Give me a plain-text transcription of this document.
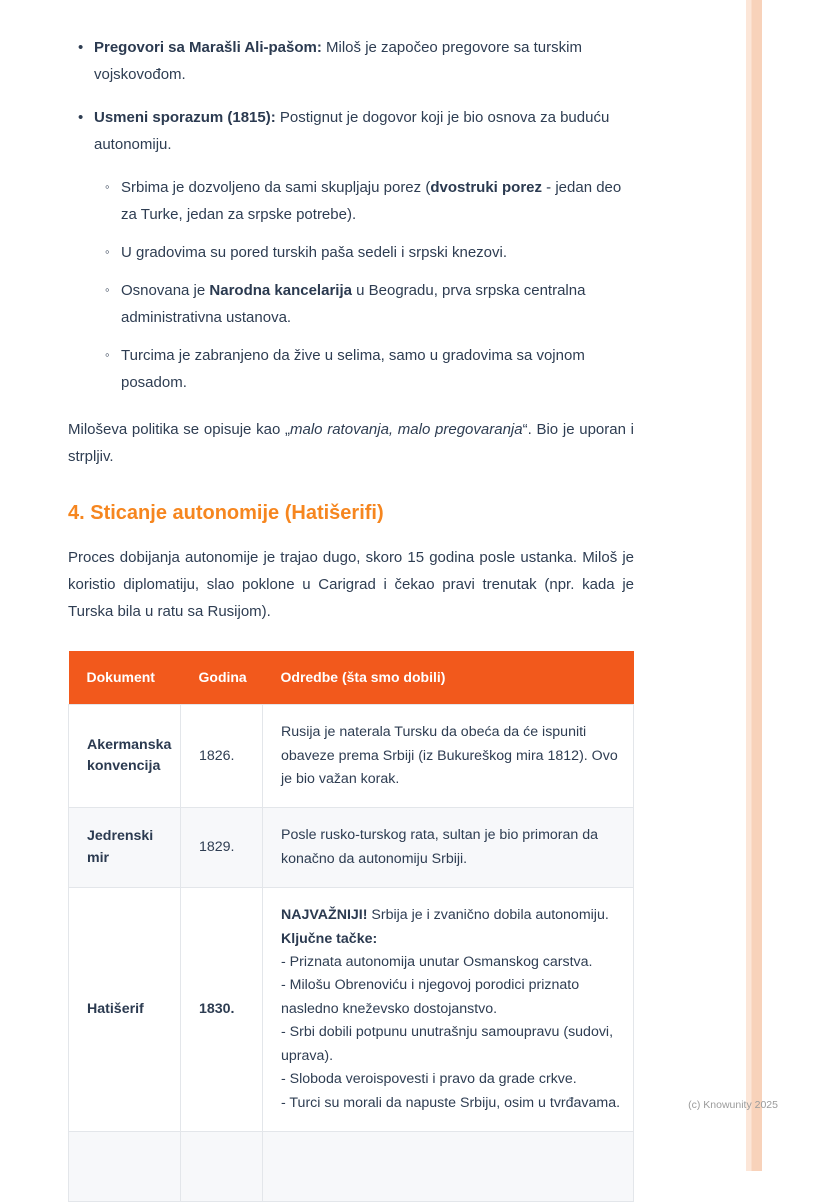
• Pregovori sa Marašli Ali-pašom: Miloš je započeo pregovore sa turskim vojskovođom.
• Usmeni sporazum (1815): Postignut je dogovor koji je bio osnova za buduću autonomiju.
◦ Srbima je dozvoljeno da sami skupljaju porez (dvostruki porez - jedan deo za Turke, jedan za srpske potrebe).
◦ U gradovima su pored turskih paša sedeli i srpski knezovi.
◦ Osnovana je Narodna kancelarija u Beogradu, prva srpska centralna administrativna ustanova.
◦ Turcima je zabranjeno da žive u selima, samo u gradovima sa vojnom posadom.

Miloševa politika se opisuje kao „malo ratovanja, malo pregovaranja“. Bio je uporan i strpljiv.

4. Sticanje autonomije (Hatišerifi)

Proces dobijanja autonomije je trajao dugo, skoro 15 godina posle ustanka. Miloš je koristio diplomatiju, slao poklone u Carigrad i čekao pravi trenutak (npr. kada je Turska bila u ratu sa Rusijom).

Dokument	Godina	Odredbe (šta smo dobili)
Akermanska konvencija	1826.	Rusija je naterala Tursku da obeća da će ispuniti obaveze prema Srbiji (iz Bukureškog mira 1812). Ovo je bio važan korak.
Jedrenski mir	1829.	Posle rusko-turskog rata, sultan je bio primoran da konačno da autonomiju Srbiji.
Hatišerif	1830.	NAJVAŽNIJI! Srbija je i zvanično dobila autonomiju.
Ključne tačke:
- Priznata autonomija unutar Osmanskog carstva.
- Milošu Obrenoviću i njegovoj porodici priznato nasledno kneževsko dostojanstvo.
- Srbi dobili potpunu unutrašnju samoupravu (sudovi, uprava).
- Sloboda veroispovesti i pravo da grade crkve.
- Turci su morali da napuste Srbiju, osim u tvrđavama.

			(c) Knowunity 2025
